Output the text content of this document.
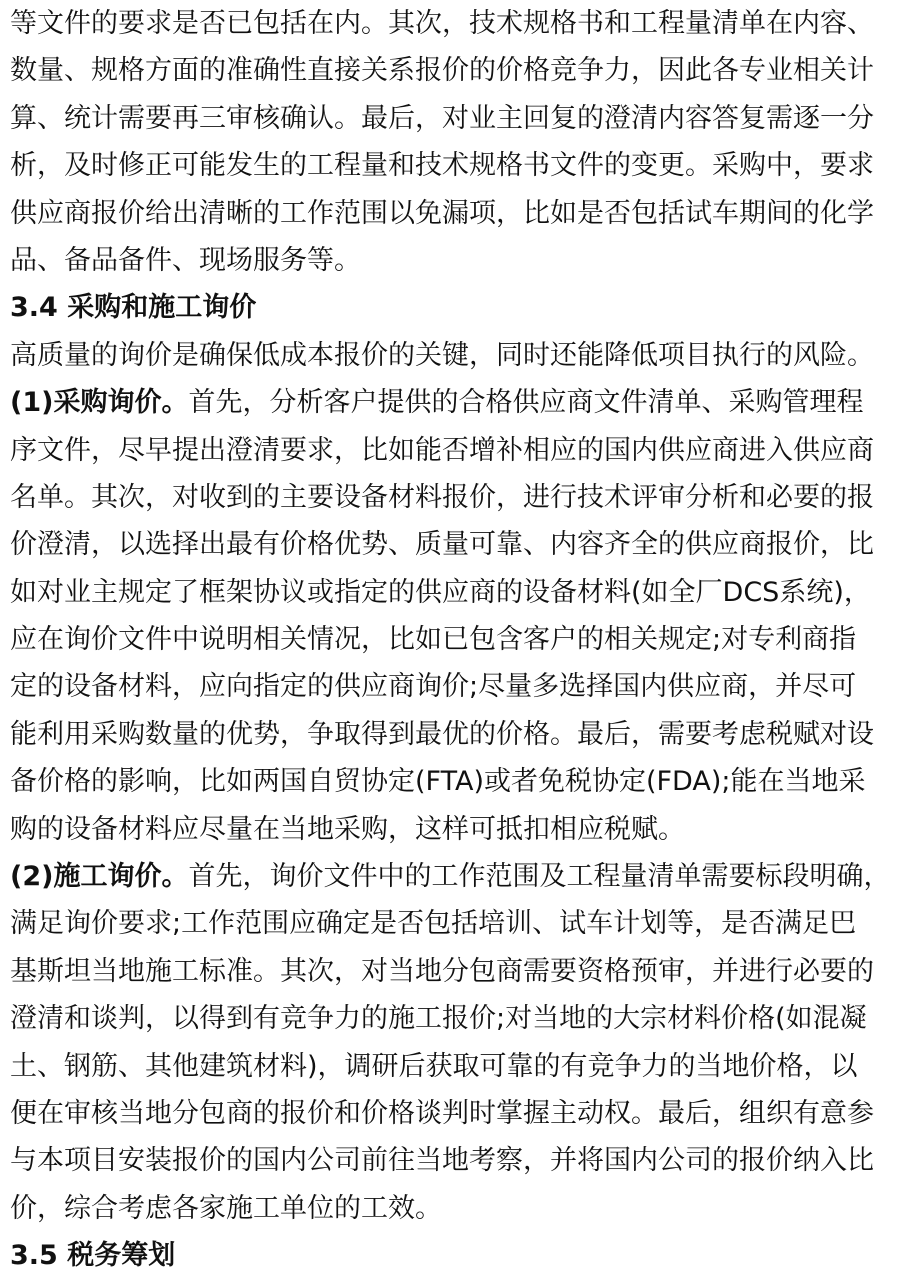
等文件的要求是否已包括在内。其次，技术规格书和工程量清单在内容、
数量、规格方面的准确性直接关系报价的价格竞争力，因此各专业相关计
算、统计需要再三审核确认。最后，对业主回复的澄清内容答复需逐一分
析，及时修正可能发生的工程量和技术规格书文件的变更。采购中，要求
供应商报价给出清晰的工作范围以免漏项，比如是否包括试车期间的化学
品、备品备件、现场服务等。
3.4 采购和施工询价
高质量的询价是确保低成本报价的关键，同时还能降低项目执行的风险。
(1)采购询价。首先，分析客户提供的合格供应商文件清单、采购管理程
序文件，尽早提出澄清要求，比如能否增补相应的国内供应商进入供应商
名单。其次，对收到的主要设备材料报价，进行技术评审分析和必要的报
价澄清，以选择出最有价格优势、质量可靠、内容齐全的供应商报价，比
如对业主规定了框架协议或指定的供应商的设备材料(如全厂DCS系统)，
应在询价文件中说明相关情况，比如已包含客户的相关规定;对专利商指
定的设备材料，应向指定的供应商询价;尽量多选择国内供应商，并尽可
能利用采购数量的优势，争取得到最优的价格。最后，需要考虑税赋对设
备价格的影响，比如两国自贸协定(FTA)或者免税协定(FDA);能在当地采
购的设备材料应尽量在当地采购，这样可抵扣相应税赋。
(2)施工询价。首先，询价文件中的工作范围及工程量清单需要标段明确，
满足询价要求;工作范围应确定是否包括培训、试车计划等，是否满足巴
基斯坦当地施工标准。其次，对当地分包商需要资格预审，并进行必要的
澄清和谈判，以得到有竞争力的施工报价;对当地的大宗材料价格(如混凝
土、钢筋、其他建筑材料)，调研后获取可靠的有竞争力的当地价格，以
便在审核当地分包商的报价和价格谈判时掌握主动权。最后，组织有意参
与本项目安装报价的国内公司前往当地考察，并将国内公司的报价纳入比
价，综合考虑各家施工单位的工效。
3.5 税务筹划
